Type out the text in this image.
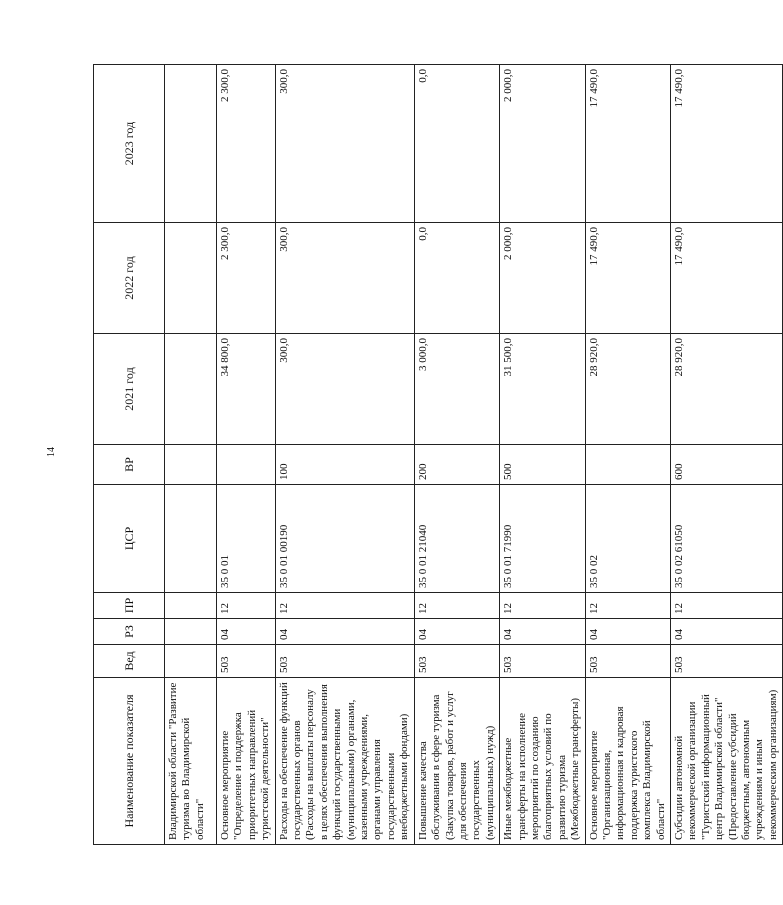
14
Наименование показателя	Вед	РЗ	ПР	ЦСР	ВР	2021 год	2022 год	2023 год
Владимирской области "Развитие туризма во Владимирской области"								
Основное мероприятие "Определение и поддержка приоритетных направлений туристской деятельности"	503	04	12	35 0 01		34 800,0	2 300,0	2 300,0
Расходы на обеспечение функций государственных органов (Расходы на выплаты персоналу в целях обеспечения выполнения функций государственными (муниципальными) органами, казенными учреждениями, органами управления государственными внебюджетными фондами)	503	04	12	35 0 01 00190	100	300,0	300,0	300,0
Повышение качества обслуживания в сфере туризма (Закупка товаров, работ и услуг для обеспечения государственных (муниципальных) нужд)	503	04	12	35 0 01 21040	200	3 000,0	0,0	0,0
Иные межбюджетные трансферты на исполнение мероприятий по созданию благоприятных условий по развитию туризма (Межбюджетные трансферты)	503	04	12	35 0 01 71990	500	31 500,0	2 000,0	2 000,0
Основное мероприятие "Организационная, информационная и кадровая поддержка туристского комплекса Владимирской области"	503	04	12	35 0 02		28 920,0	17 490,0	17 490,0
Субсидии автономной некоммерческой организации "Туристский информационный центр Владимирской области" (Предоставление субсидий бюджетным, автономным учреждениям и иным некоммерческим организациям)	503	04	12	35 0 02 61050	600	28 920,0	17 490,0	17 490,0
